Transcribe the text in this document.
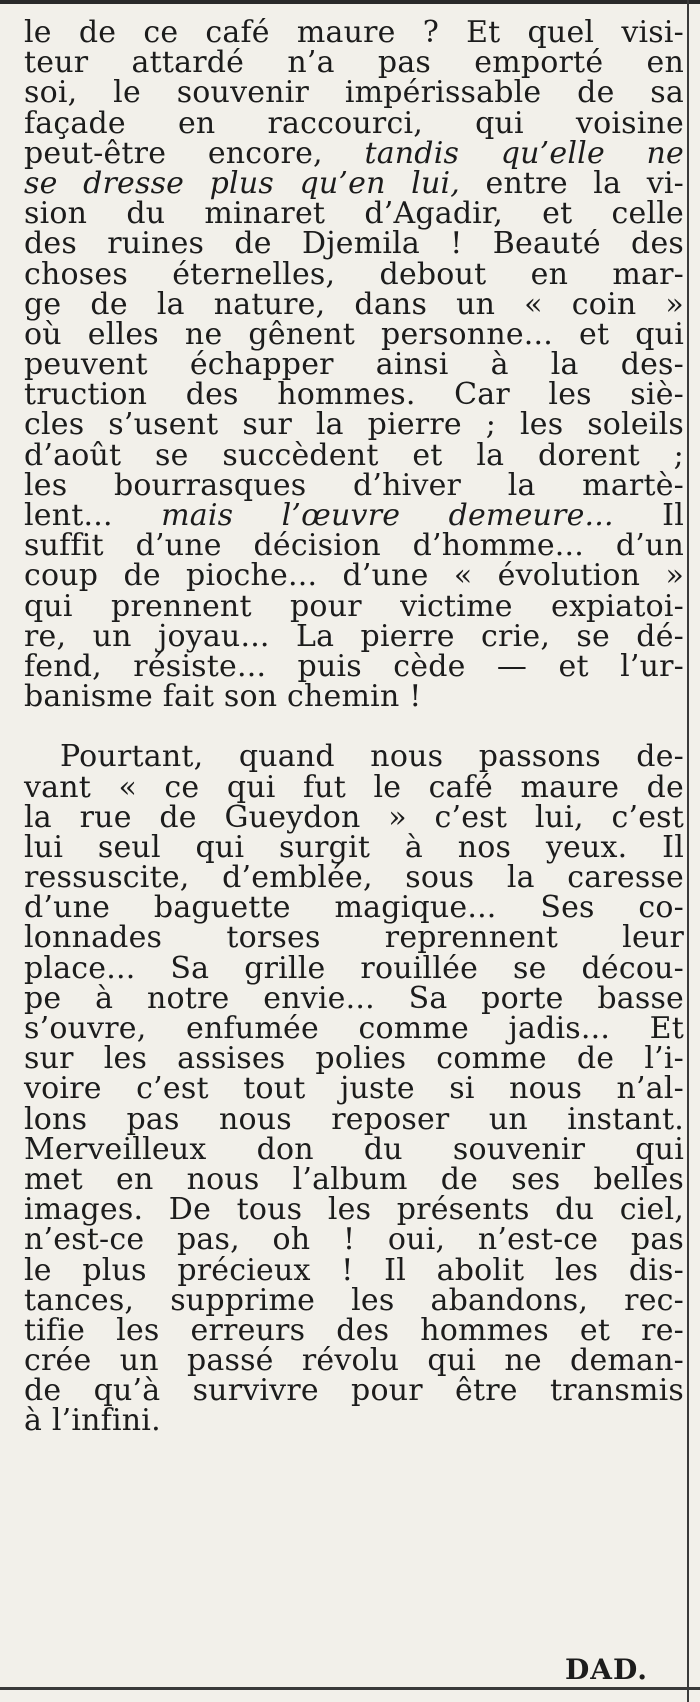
le de ce café maure ? Et quel visi-
teur attardé n’a pas emporté en
soi, le souvenir impérissable de sa
façade en raccourci, qui voisine
peut-être encore, tandis qu’elle ne
se dresse plus qu’en lui, entre la vi-
sion du minaret d’Agadir, et celle
des ruines de Djemila ! Beauté des
choses éternelles, debout en mar-
ge de la nature, dans un « coin »
où elles ne gênent personne... et qui
peuvent échapper ainsi à la des-
truction des hommes. Car les siè-
cles s’usent sur la pierre ; les soleils
d’août se succèdent et la dorent ;
les bourrasques d’hiver la martè-
lent... mais l’œuvre demeure... Il
suffit d’une décision d’homme... d’un
coup de pioche... d’une « évolution »
qui prennent pour victime expiatoi-
re, un joyau... La pierre crie, se dé-
fend, résiste... puis cède — et l’ur-
banisme fait son chemin !
Pourtant, quand nous passons de-
vant « ce qui fut le café maure de
la rue de Gueydon » c’est lui, c’est
lui seul qui surgit à nos yeux. Il
ressuscite, d’emblée, sous la caresse
d’une baguette magique... Ses co-
lonnades torses reprennent leur
place... Sa grille rouillée se décou-
pe à notre envie... Sa porte basse
s’ouvre, enfumée comme jadis... Et
sur les assises polies comme de l’i-
voire c’est tout juste si nous n’al-
lons pas nous reposer un instant.
Merveilleux don du souvenir qui
met en nous l’album de ses belles
images. De tous les présents du ciel,
n’est-ce pas, oh ! oui, n’est-ce pas
le plus précieux ! Il abolit les dis-
tances, supprime les abandons, rec-
tifie les erreurs des hommes et re-
crée un passé révolu qui ne deman-
de qu’à survivre pour être transmis
à l’infini.
DAD.
